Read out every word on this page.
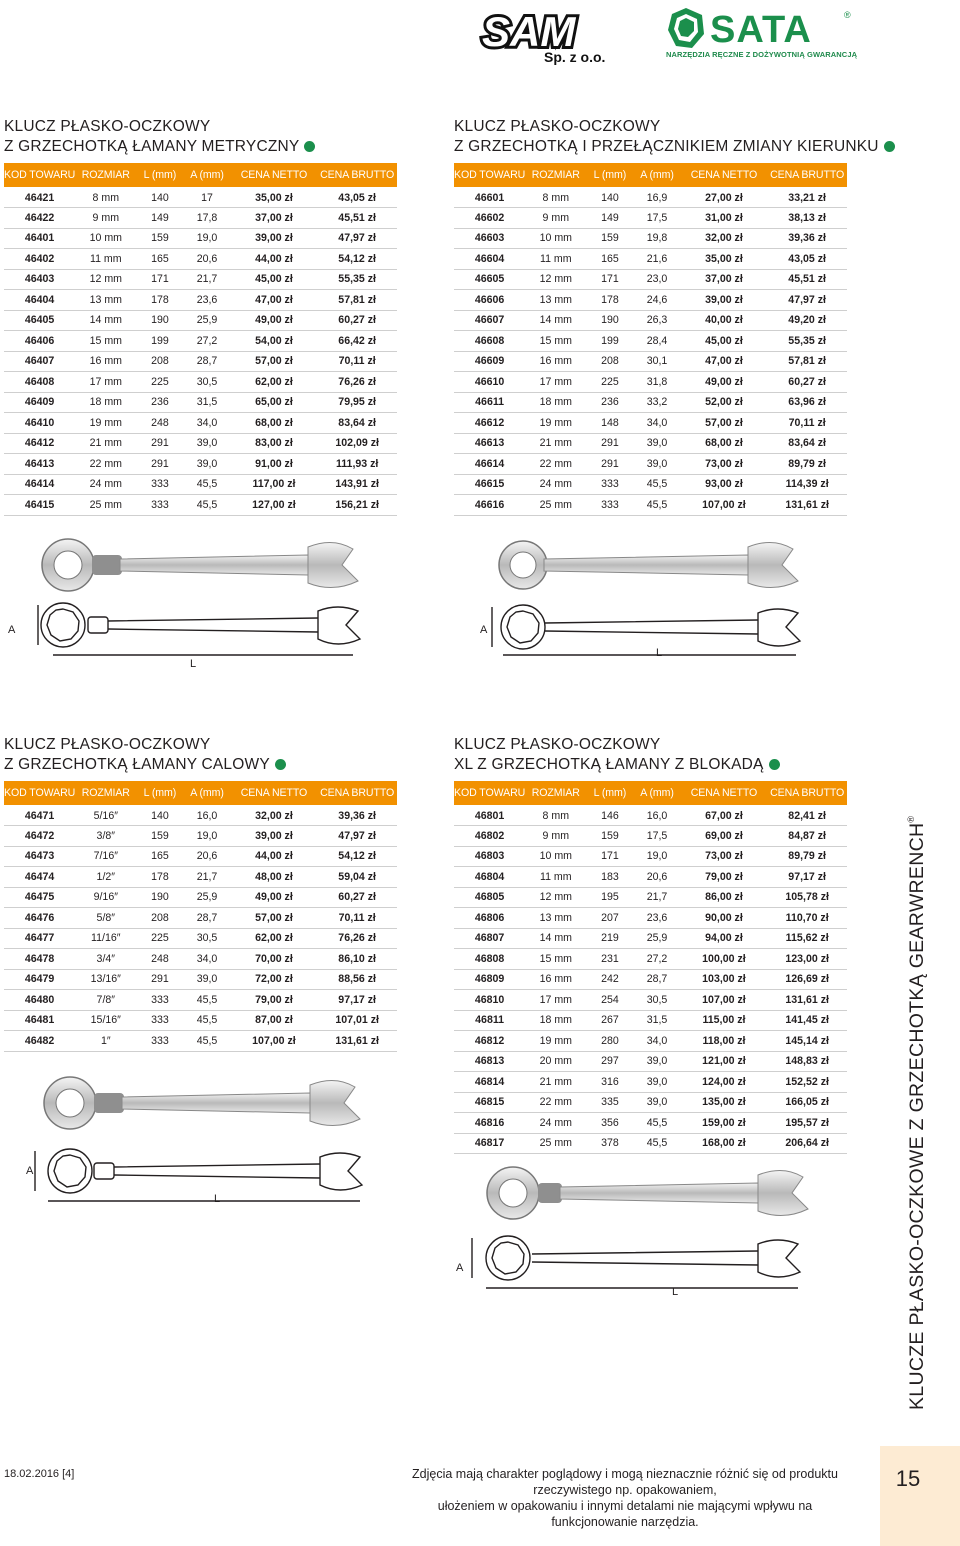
SAM
Sp. z o.o.
SATA	®
NARZĘDZIA RĘCZNE Z DOŻYWOTNIĄ GWARANCJĄ
KLUCZ PŁASKO-OCZKOWY
Z GRZECHOTKĄ ŁAMANY METRYCZNY
KOD TOWARU	ROZMIAR	L (mm)	A (mm)	CENA NETTO	CENA BRUTTO
46421	8 mm	140	17	35,00 zł	43,05 zł
46422	9 mm	149	17,8	37,00 zł	45,51 zł
46401	10 mm	159	19,0	39,00 zł	47,97 zł
46402	11 mm	165	20,6	44,00 zł	54,12 zł
46403	12 mm	171	21,7	45,00 zł	55,35 zł
46404	13 mm	178	23,6	47,00 zł	57,81 zł
46405	14 mm	190	25,9	49,00 zł	60,27 zł
46406	15 mm	199	27,2	54,00 zł	66,42 zł
46407	16 mm	208	28,7	57,00 zł	70,11 zł
46408	17 mm	225	30,5	62,00 zł	76,26 zł
46409	18 mm	236	31,5	65,00 zł	79,95 zł
46410	19 mm	248	34,0	68,00 zł	83,64 zł
46412	21 mm	291	39,0	83,00 zł	102,09 zł
46413	22 mm	291	39,0	91,00 zł	111,93 zł
46414	24 mm	333	45,5	117,00 zł	143,91 zł
46415	25 mm	333	45,5	127,00 zł	156,21 zł
KLUCZ PŁASKO-OCZKOWY
Z GRZECHOTKĄ I PRZEŁĄCZNIKIEM ZMIANY KIERUNKU
KOD TOWARU	ROZMIAR	L (mm)	A (mm)	CENA NETTO	CENA BRUTTO
46601	8 mm	140	16,9	27,00 zł	33,21 zł
46602	9 mm	149	17,5	31,00 zł	38,13 zł
46603	10 mm	159	19,8	32,00 zł	39,36 zł
46604	11 mm	165	21,6	35,00 zł	43,05 zł
46605	12 mm	171	23,0	37,00 zł	45,51 zł
46606	13 mm	178	24,6	39,00 zł	47,97 zł
46607	14 mm	190	26,3	40,00 zł	49,20 zł
46608	15 mm	199	28,4	45,00 zł	55,35 zł
46609	16 mm	208	30,1	47,00 zł	57,81 zł
46610	17 mm	225	31,8	49,00 zł	60,27 zł
46611	18 mm	236	33,2	52,00 zł	63,96 zł
46612	19 mm	148	34,0	57,00 zł	70,11 zł
46613	21 mm	291	39,0	68,00 zł	83,64 zł
46614	22 mm	291	39,0	73,00 zł	89,79 zł
46615	24 mm	333	45,5	93,00 zł	114,39 zł
46616	25 mm	333	45,5	107,00 zł	131,61 zł
KLUCZ PŁASKO-OCZKOWY
Z GRZECHOTKĄ ŁAMANY CALOWY
KOD TOWARU	ROZMIAR	L (mm)	A (mm)	CENA NETTO	CENA BRUTTO
46471	5/16″	140	16,0	32,00 zł	39,36 zł
46472	3/8″	159	19,0	39,00 zł	47,97 zł
46473	7/16″	165	20,6	44,00 zł	54,12 zł
46474	1/2″	178	21,7	48,00 zł	59,04 zł
46475	9/16″	190	25,9	49,00 zł	60,27 zł
46476	5/8″	208	28,7	57,00 zł	70,11 zł
46477	11/16″	225	30,5	62,00 zł	76,26 zł
46478	3/4″	248	34,0	70,00 zł	86,10 zł
46479	13/16″	291	39,0	72,00 zł	88,56 zł
46480	7/8″	333	45,5	79,00 zł	97,17 zł
46481	15/16″	333	45,5	87,00 zł	107,01 zł
46482	1″	333	45,5	107,00 zł	131,61 zł
KLUCZ PŁASKO-OCZKOWY
XL Z GRZECHOTKĄ ŁAMANY Z BLOKADĄ
KOD TOWARU	ROZMIAR	L (mm)	A (mm)	CENA NETTO	CENA BRUTTO
46801	8 mm	146	16,0	67,00 zł	82,41 zł
46802	9 mm	159	17,5	69,00 zł	84,87 zł
46803	10 mm	171	19,0	73,00 zł	89,79 zł
46804	11 mm	183	20,6	79,00 zł	97,17 zł
46805	12 mm	195	21,7	86,00 zł	105,78 zł
46806	13 mm	207	23,6	90,00 zł	110,70 zł
46807	14 mm	219	25,9	94,00 zł	115,62 zł
46808	15 mm	231	27,2	100,00 zł	123,00 zł
46809	16 mm	242	28,7	103,00 zł	126,69 zł
46810	17 mm	254	30,5	107,00 zł	131,61 zł
46811	18 mm	267	31,5	115,00 zł	141,45 zł
46812	19 mm	280	34,0	118,00 zł	145,14 zł
46813	20 mm	297	39,0	121,00 zł	148,83 zł
46814	21 mm	316	39,0	124,00 zł	152,52 zł
46815	22 mm	335	39,0	135,00 zł	166,05 zł
46816	24 mm	356	45,5	159,00 zł	195,57 zł
46817	25 mm	378	45,5	168,00 zł	206,64 zł
A
L
A
L
A
L
A
L	KLUCZE PŁASKO-OCZKOWE Z GRZECHOTKĄ GEARWRENCH®
18.02.2016 [4]	Zdjęcia mają charakter poglądowy i mogą nieznacznie różnić się od produktu rzeczywistego np. opakowaniem,
ułożeniem w opakowaniu i innymi detalami nie mającymi wpływu na funkcjonowanie narzędzia.
15
